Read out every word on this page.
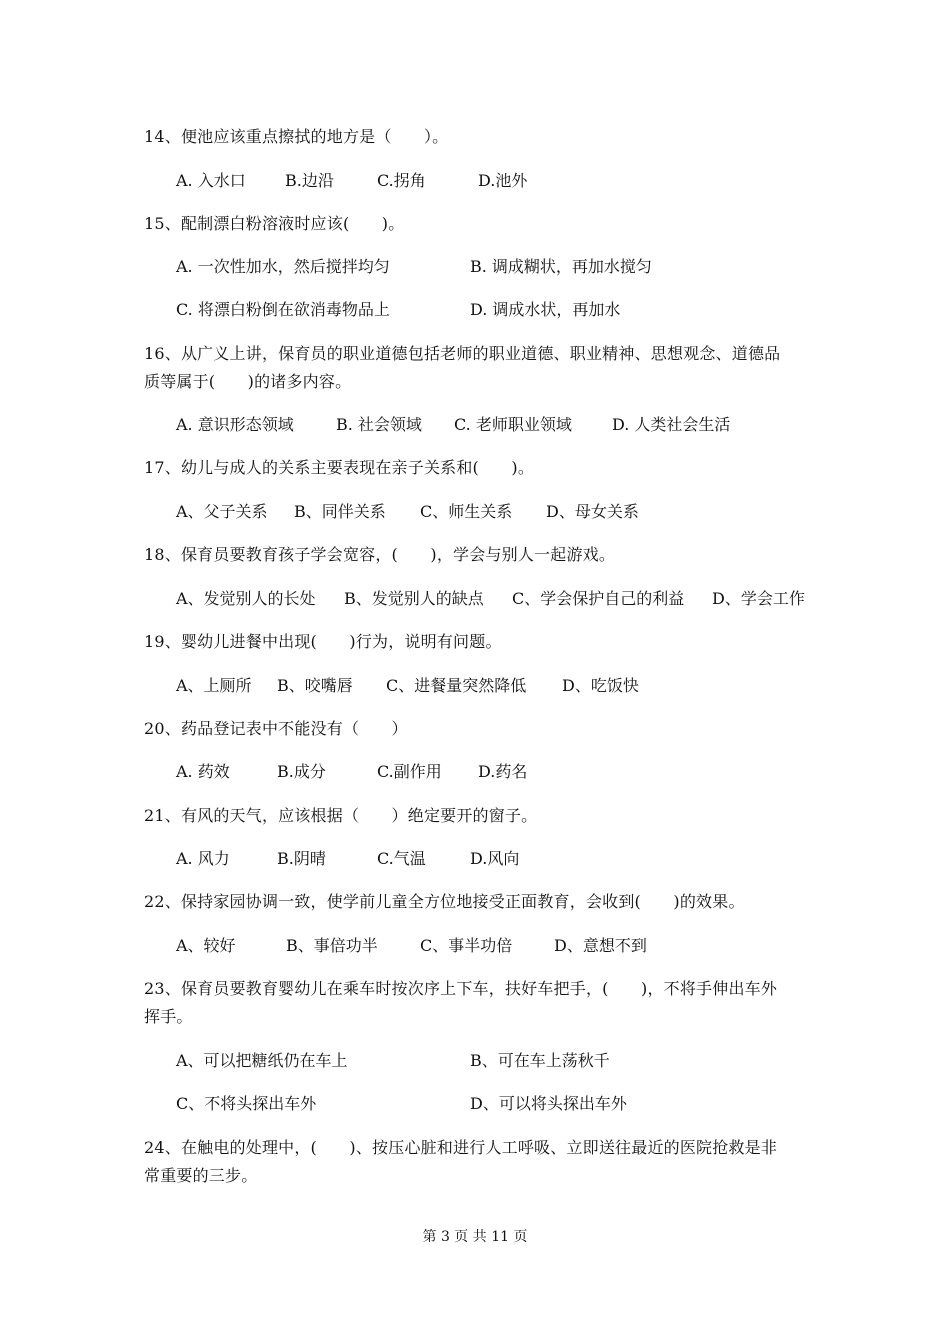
14、便池应该重点擦拭的地方是（　　）。
A. 入水口 B.边沿	C.拐角	D.池外
15、配制漂白粉溶液时应该(　　)。
A. 一次性加水，然后搅拌均匀	B. 调成糊状，再加水搅匀
C. 将漂白粉倒在欲消毒物品上	D. 调成水状，再加水
16、从广义上讲，保育员的职业道德包括老师的职业道德、职业精神、思想观念、道德品
质等属于(　　)的诸多内容。
A. 意识形态领域	B. 社会领域 C. 老师职业领域	D. 人类社会生活
17、幼儿与成人的关系主要表现在亲子关系和(　　)。
A、父子关系 B、同伴关系 C、师生关系 D、母女关系
18、保育员要教育孩子学会宽容，(　　)，学会与别人一起游戏。
A、发觉别人的长处 B、发觉别人的缺点 C、学会保护自己的利益 D、学会工作
19、婴幼儿进餐中出现(　　)行为，说明有问题。
A、上厕所 B、咬嘴唇 C、进餐量突然降低 D、吃饭快
20、药品登记表中不能没有（　　）
A. 药效	B.成分	C.副作用 D.药名
21、有风的天气，应该根据（　　）绝定要开的窗子。
A. 风力	B.阴晴	C.气温	D.风向
22、保持家园协调一致，使学前儿童全方位地接受正面教育，会收到(　　)的效果。
A、较好	B、事倍功半	C、事半功倍	D、意想不到
23、保育员要教育婴幼儿在乘车时按次序上下车，扶好车把手，(　　)，不将手伸出车外
挥手。
A、可以把糖纸仍在车上	B、可在车上荡秋千
C、不将头探出车外	D、可以将头探出车外
24、在触电的处理中，(　　)、按压心脏和进行人工呼吸、立即送往最近的医院抢救是非
常重要的三步。
第 3 页 共 11 页
